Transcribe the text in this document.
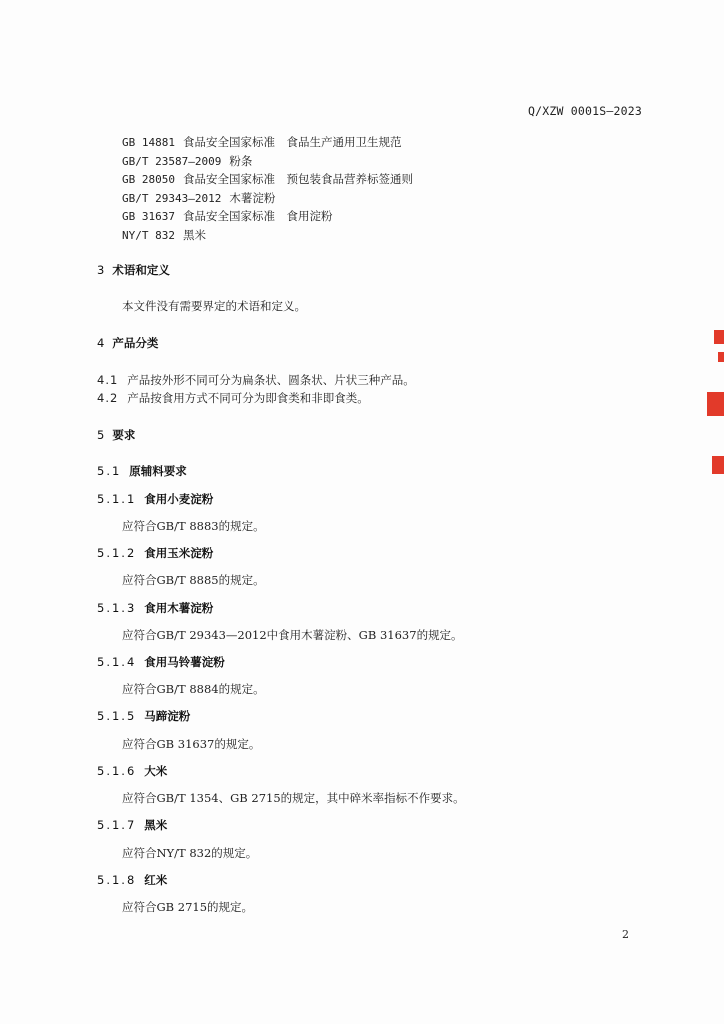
Q/XZW 0001S—2023
GB 14881 食品安全国家标准　食品生产通用卫生规范
GB/T 23587—2009 粉条
GB 28050 食品安全国家标准　预包装食品营养标签通则
GB/T 29343—2012 木薯淀粉
GB 31637 食品安全国家标准　食用淀粉
NY/T 832 黑米
3 术语和定义
本文件没有需要界定的术语和定义。
4 产品分类
4.1 产品按外形不同可分为扁条状、圆条状、片状三种产品。
4.2 产品按食用方式不同可分为即食类和非即食类。
5 要求
5.1 原辅料要求
5.1.1 食用小麦淀粉
应符合GB/T 8883的规定。
5.1.2 食用玉米淀粉
应符合GB/T 8885的规定。
5.1.3 食用木薯淀粉
应符合GB/T 29343—2012中食用木薯淀粉、GB 31637的规定。
5.1.4 食用马铃薯淀粉
应符合GB/T 8884的规定。
5.1.5 马蹄淀粉
应符合GB 31637的规定。
5.1.6 大米
应符合GB/T 1354、GB 2715的规定，其中碎米率指标不作要求。
5.1.7 黑米
应符合NY/T 832的规定。
5.1.8 红米
应符合GB 2715的规定。
2
